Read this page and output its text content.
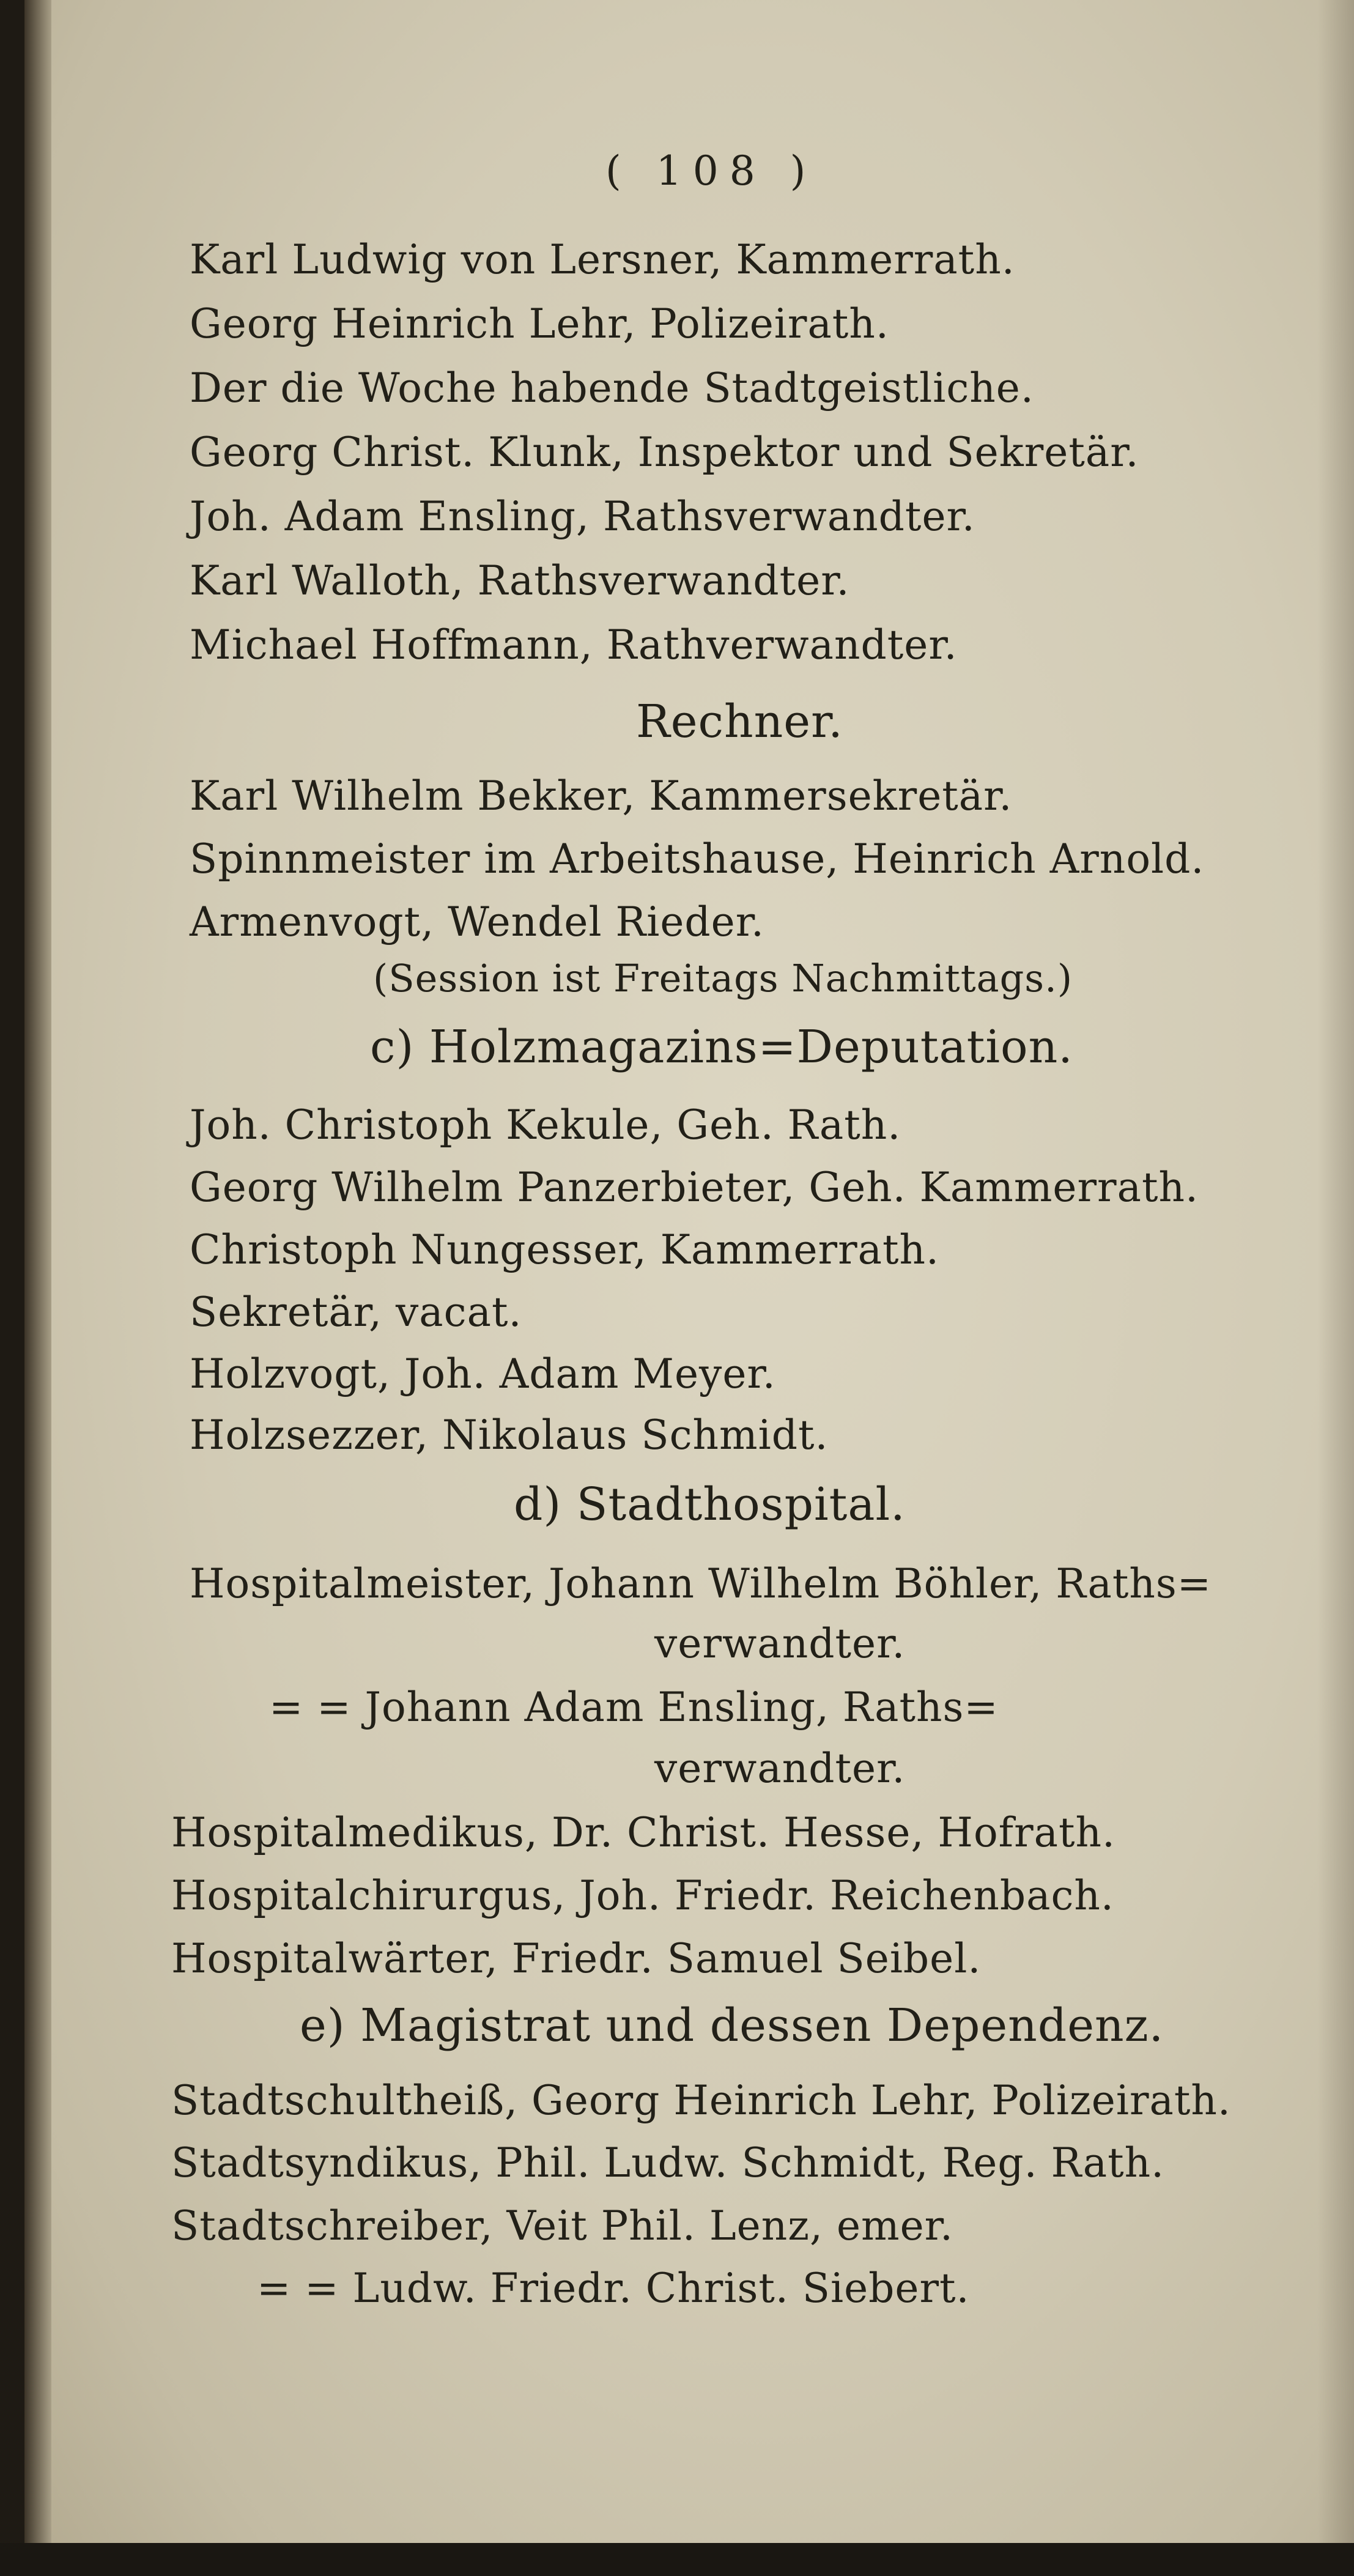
( 108 )
Karl Ludwig von Lersner, Kammerrath.
Georg Heinrich Lehr, Polizeirath.
Der die Woche habende Stadtgeistliche.
Georg Christ. Klunk, Inspektor und Sekretär.
Joh. Adam Ensling, Rathsverwandter.
Karl Walloth, Rathsverwandter.
Michael Hoffmann, Rathverwandter.
Rechner.
Karl Wilhelm Bekker, Kammersekretär.
Spinnmeister im Arbeitshause, Heinrich Arnold.
Armenvogt, Wendel Rieder.
(Session ist Freitags Nachmittags.)
c) Holzmagazins=Deputation.
Joh. Christoph Kekule, Geh. Rath.
Georg Wilhelm Panzerbieter, Geh. Kammerrath.
Christoph Nungesser, Kammerrath.
Sekretär, vacat.
Holzvogt, Joh. Adam Meyer.
Holzsezzer, Nikolaus Schmidt.
d) Stadthospital.
Hospitalmeister, Johann Wilhelm Böhler, Raths=
verwandter.
= = Johann Adam Ensling, Raths=
verwandter.
Hospitalmedikus, Dr. Christ. Hesse, Hofrath.
Hospitalchirurgus, Joh. Friedr. Reichenbach.
Hospitalwärter, Friedr. Samuel Seibel.
e) Magistrat und dessen Dependenz.
Stadtschultheiß, Georg Heinrich Lehr, Polizeirath.
Stadtsyndikus, Phil. Ludw. Schmidt, Reg. Rath.
Stadtschreiber, Veit Phil. Lenz, emer.
= = Ludw. Friedr. Christ. Siebert.
